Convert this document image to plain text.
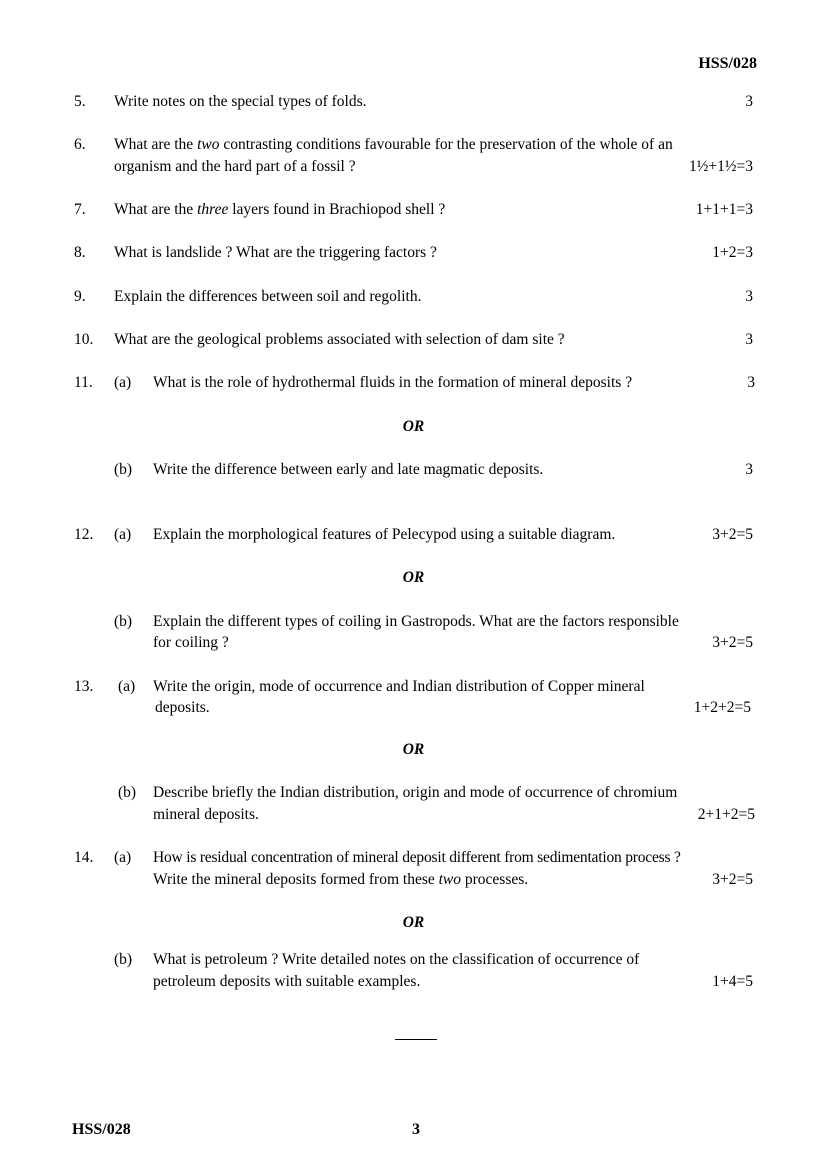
HSS/028
5. Write notes on the special types of folds.	3
6. What are the two contrasting conditions favourable for the preservation of the whole of an
organism and the hard part of a fossil ?	1½+1½=3
7. What are the three layers found in Brachiopod shell ?	1+1+1=3
8. What is landslide ? What are the triggering factors ?	1+2=3
9. Explain the differences between soil and regolith.	3
10. What are the geological problems associated with selection of dam site ?	3
11. (a) What is the role of hydrothermal fluids in the formation of mineral deposits ?	3
OR
(b) Write the difference between early and late magmatic deposits.	3
12. (a) Explain the morphological features of Pelecypod using a suitable diagram.	3+2=5
OR
(b) Explain the different types of coiling in Gastropods. What are the factors responsible
for coiling ?	3+2=5
13. (a) Write the origin, mode of occurrence and Indian distribution of Copper mineral
deposits.	1+2+2=5
OR
(b) Describe briefly the Indian distribution, origin and mode of occurrence of chromium
mineral deposits.	2+1+2=5
14. (a) How is residual concentration of mineral deposit different from sedimentation process ?
Write the mineral deposits formed from these two processes.	3+2=5
OR
(b) What is petroleum ? Write detailed notes on the classification of occurrence of
petroleum deposits with suitable examples.	1+4=5
HSS/028	3
